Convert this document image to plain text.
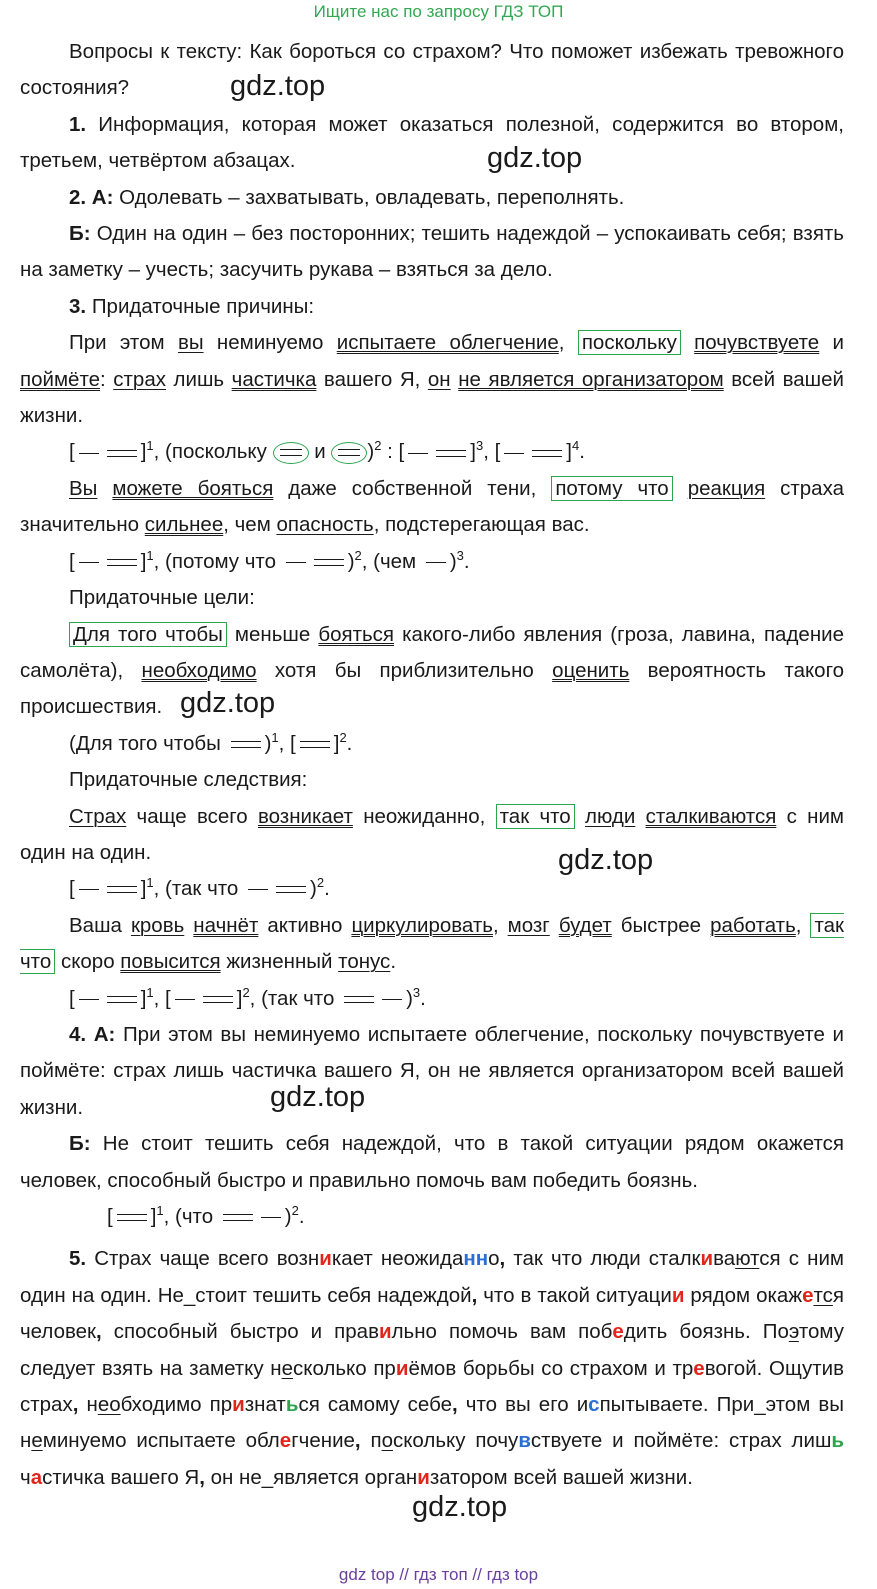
Ищите нас по запросу ГДЗ ТОП

Вопросы к тексту: Как бороться со страхом? Что поможет избежать тревожного состояния?

1. Информация, которая может оказаться полезной, содержится во втором, третьем, четвёртом абзацах.

2. А: Одолевать – захватывать, овладевать, переполнять.

Б: Один на один – без посторонних; тешить надеждой – успокаивать себя; взять на заметку – учесть; засучить рукава – взяться за дело.

3. Придаточные причины:

При этом вы неминуемо испытаете облегчение, поскольку почувствуете и поймёте: страх лишь частичка вашего Я, он не является организатором всей вашей жизни.

[	]$^1$, (поскольку  и )$^2$ : [	]$^3$, [	]$^4$.

Вы можете бояться даже собственной тени, потому что реакция страха значительно сильнее, чем опасность, подстерегающая вас.

[	]$^1$, (потому что	)$^2$, (чем )$^3$.

Придаточные цели:

Для того чтобы меньше бояться какого-либо явления (гроза, лавина, падение самолёта), необходимо хотя бы приблизительно оценить вероятность такого происшествия.

(Для того чтобы )$^1$, [ ]$^2$.

Придаточные следствия:

Страх чаще всего возникает неожиданно, так что люди сталкиваются с ним один на один.

[	]$^1$, (так что	)$^2$.

Ваша кровь начнёт активно циркулировать, мозг будет быстрее работать, так что скоро повысится жизненный тонус.

[	]$^1$, [	]$^2$, (так что	)$^3$.

4. А: При этом вы неминуемо испытаете облегчение, поскольку почувствуете и поймёте: страх лишь частичка вашего Я, он не является организатором всей вашей жизни.

Б: Не стоит тешить себя надеждой, что в такой ситуации рядом окажется человек, способный быстро и правильно помочь вам победить боязнь.

[ ]$^1$, (что	)$^2$.

5. Страх чаще всего возникает неожиданно, так что люди сталкиваются с ним один на один. Не_стоит тешить себя надеждой, что в такой ситуации рядом окажется человек, способный быстро и правильно помочь вам победить боязнь. Поэтому следует взять на заметку несколько приёмов борьбы со страхом и тревогой. Ощутив страх, необходимо признаться самому себе, что вы его испытываете. При_этом вы неминуемо испытаете облегчение, поскольку почувствуете и поймёте: страх лишь частичка вашего Я, он не_является организатором всей вашей жизни.

gdz.top
gdz.top
gdz.top
gdz.top
gdz.top
gdz.top
gdz top // гдз топ // гдз top
